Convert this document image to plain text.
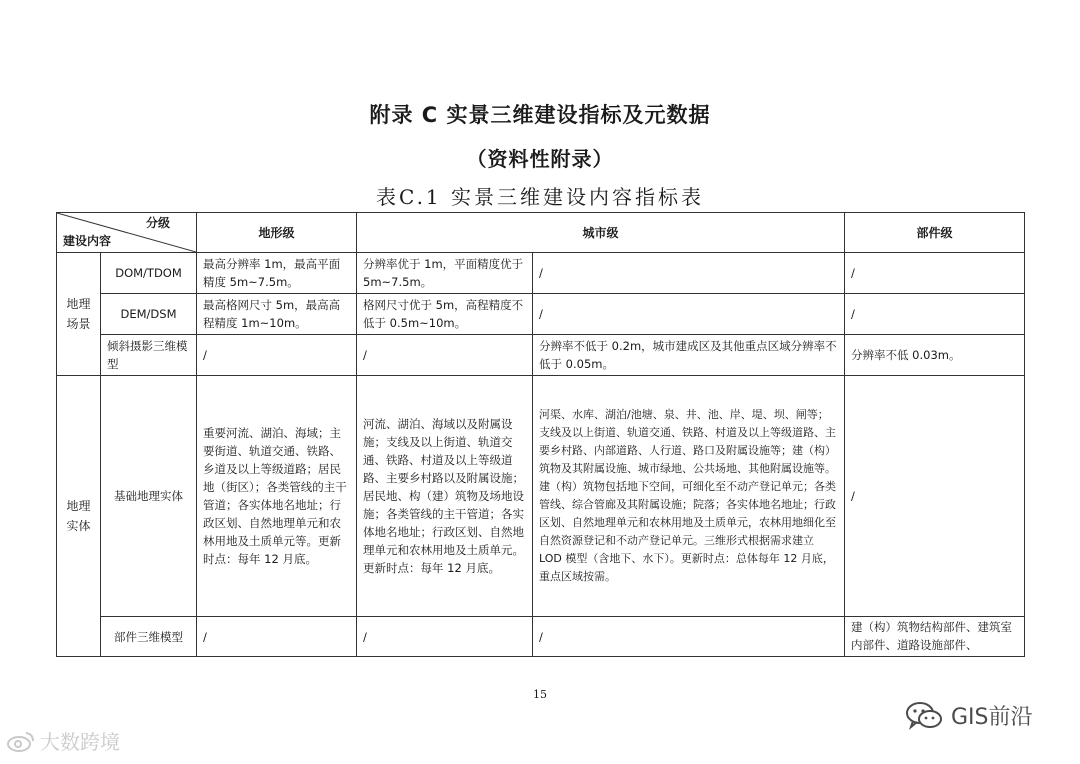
附录 C 实景三维建设指标及元数据
（资料性附录）
表C.1 实景三维建设内容指标表
分级
建设内容		地形级	城市级		部件级
地理场景	DOM/TDOM	最高分辨率 1m，最高平面精度 5m~7.5m。	分辨率优于 1m，平面精度优于 5m~7.5m。	/	/
	DEM/DSM	最高格网尺寸 5m，最高高程精度 1m~10m。	格网尺寸优于 5m，高程精度不低于 0.5m~10m。	/	/
	倾斜摄影三维模型	/	/	分辨率不低于 0.2m，城市建成区及其他重点区域分辨率不低于 0.05m。	分辨率不低 0.03m。
地理实体	基础地理实体	重要河流、湖泊、海域；主要街道、轨道交通、铁路、乡道及以上等级道路；居民地（街区）；各类管线的主干管道；各实体地名地址；行政区划、自然地理单元和农林用地及土质单元等。更新时点：每年 12 月底。	河流、湖泊、海域以及附属设施；支线及以上街道、轨道交通、铁路、村道及以上等级道路、主要乡村路以及附属设施；居民地、构（建）筑物及场地设施；各类管线的主干管道；各实体地名地址；行政区划、自然地理单元和农林用地及土质单元。更新时点：每年 12 月底。	河渠、水库、湖泊/池塘、泉、井、池、岸、堤、坝、闸等；支线及以上街道、轨道交通、铁路、村道及以上等级道路、主要乡村路、内部道路、人行道、路口及附属设施等；建（构）筑物及其附属设施、城市绿地、公共场地、其他附属设施等。建（构）筑物包括地下空间，可细化至不动产登记单元；各类管线、综合管廊及其附属设施；院落；各实体地名地址；行政区划、自然地理单元和农林用地及土质单元，农林用地细化至自然资源登记和不动产登记单元。三维形式根据需求建立 LOD 模型（含地下、水下）。更新时点：总体每年 12 月底，重点区域按需。	/
	部件三维模型	/	/	/	建（构）筑物结构部件、建筑室内部件、道路设施部件、
15
大数跨境
GIS前沿
